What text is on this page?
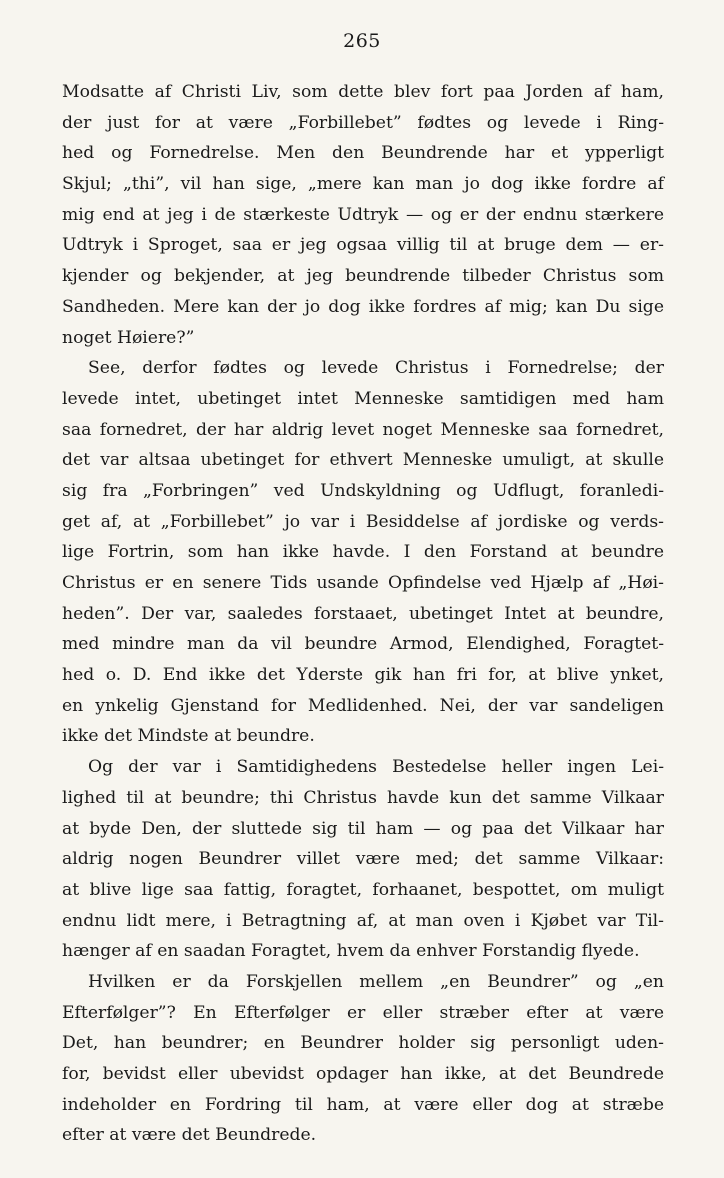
265
Modsatte af Christi Liv, som dette blev fort paa Jorden af ham,
der just for at være „Forbillebet” fødtes og levede i Ring-
hed og Fornedrelse. Men den Beundrende har et ypperligt
Skjul; „thi”, vil han sige, „mere kan man jo dog ikke fordre af
mig end at jeg i de stærkeste Udtryk — og er der endnu stærkere
Udtryk i Sproget, saa er jeg ogsaa villig til at bruge dem — er-
kjender og bekjender, at jeg beundrende tilbeder Christus som
Sandheden. Mere kan der jo dog ikke fordres af mig; kan Du sige
noget Høiere?”
See, derfor fødtes og levede Christus i Fornedrelse; der
levede intet, ubetinget intet Menneske samtidigen med ham
saa fornedret, der har aldrig levet noget Menneske saa fornedret,
det var altsaa ubetinget for ethvert Menneske umuligt, at skulle
sig fra „Forbringen” ved Undskyldning og Udflugt, foranledi-
get af, at „Forbillebet” jo var i Besiddelse af jordiske og verds-
lige Fortrin, som han ikke havde. I den Forstand at beundre
Christus er en senere Tids usande Opfindelse ved Hjælp af „Høi-
heden”. Der var, saaledes forstaaet, ubetinget Intet at beundre,
med mindre man da vil beundre Armod, Elendighed, Foragtet-
hed o. D. End ikke det Yderste gik han fri for, at blive ynket,
en ynkelig Gjenstand for Medlidenhed. Nei, der var sandeligen
ikke det Mindste at beundre.
Og der var i Samtidighedens Bestedelse heller ingen Lei-
lighed til at beundre; thi Christus havde kun det samme Vilkaar
at byde Den, der sluttede sig til ham — og paa det Vilkaar har
aldrig nogen Beundrer villet være med; det samme Vilkaar:
at blive lige saa fattig, foragtet, forhaanet, bespottet, om muligt
endnu lidt mere, i Betragtning af, at man oven i Kjøbet var Til-
hænger af en saadan Foragtet, hvem da enhver Forstandig flyede.
Hvilken er da Forskjellen mellem „en Beundrer” og „en
Efterfølger”? En Efterfølger er eller stræber efter at være
Det, han beundrer; en Beundrer holder sig personligt uden-
for, bevidst eller ubevidst opdager han ikke, at det Beundrede
indeholder en Fordring til ham, at være eller dog at stræbe
efter at være det Beundrede.
